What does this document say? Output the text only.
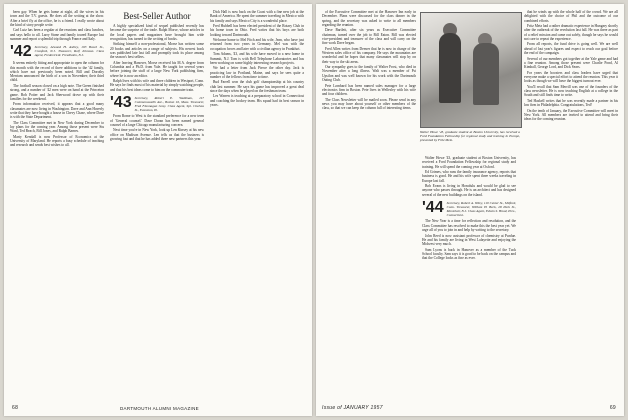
been gay. When he gets home at night, all the wives in his town and the T.V. guests. He does all the writing at the show. After a brief fly at the office, he is a friend. I really wrote about the kind of story people write.

Carl Lutz has been a regular at the reunions and class lunches, and says hello to all. Larry Stone and family toured Europe last summer and report a splendid trip through France and Italy.

'42 Secretary, Atwood H. Ashley, 103 Bosch St., Cranford, N.J. Treasurer, Rolf Johnson. Class Agent, Frederick R. Freedholm, N.J.

It seems entirely fitting and appropriate to open the column for this month with the record of three additions to the '42 family, which have not previously been noted. Bill and Dorothy Merriam announced the birth of a son in November; their third child.

The football season closed on a high note. The Green finished strong, and a number of '42 men were on hand at the Princeton game. Bob Potter and Jack Sherwood drove up with their families for the weekend.

From information received, it appears that a good many classmates are now living in Washington. Dave and Ann Haverly write that they have bought a house in Chevy Chase, where Dave is with the State Department.

The Class Committee met in New York during December to lay plans for the coming year. Among those present were Stu Ward, Ted Beach, Bill Jones, and Ralph Barnes.

Marty Kendall is now Professor of Economics at the University of Maryland. He reports a busy schedule of teaching and research and sends best wishes to all.

Best-Seller Author

A highly specialized kind of sequel published recently has become the surprise of the trade. Ralph Morse, whose articles in the local papers and magazines have brought him wide recognition, has turned to the writing of books.

Striking himself a non-professional, Morse has written some 20 books and articles on a range of subjects. His newest book was published late last fall and promptly took its place among the season's best sellers.

After leaving Hanover, Morse received his M.A. degree from Columbia and a Ph.D. from Yale. He taught for several years before joining the staff of a large New York publishing firm, where he is now an editor.

Ralph lives with his wife and three children in Westport, Conn. He says he finds most of his material by simply watching people, and that his best ideas come to him on the commuter train.

'43 Secretary, Robert E. Waldman, 117 Commonwealth Ave., Boston 16, Mass. Treasurer, Fred Flannagan Gray. Class Agent, Spl. Chelsea St., Evanston, Ill.

From Rome to West is the standard preference for a new term of 'General counsel.' Dave Doran has been named general counsel of a large Chicago manufacturing concern.

Next time you're in New York, look up Len Kinsey at his new office on Madison Avenue. Len tells us that the business is growing fast and that he has added three new partners this year.

Dick Hall is now back on the Coast with a fine new job at the Bank of America. He spent the summer traveling in Mexico with his family and says Mexico City is a wonderful place.

Fred Hubbell has been elected president of the Rotary Club in his home town in Ohio. Fred writes that his boys are both looking toward Dartmouth.

Welcome home to Mel Fitch and his wife, Jean, who have just returned from two years in Germany. Mel was with the occupation forces and later with a civilian agency in Frankfurt.

Tom Adams, '43, and his wife have moved to a new home in Summit, N.J. Tom is with Bell Telephone Laboratories and has been working on some highly interesting research projects.

We had a letter from Jack Pierce the other day. Jack is practicing law in Portland, Maine, and says he sees quite a number of the fellows from time to time.

Bud Farrell won the club golf championship at his country club last summer. He says his game has improved a great deal since the days when he played on the freshman team.

Les Warren is teaching at a preparatory school in Connecticut and coaching the hockey team. His squad had its best season in years.

68	DARTMOUTH ALUMNI MAGAZINE

of the Executive Committee met at the Hanover Inn early in December. Plans were discussed for the class dinner in the spring, and the secretary was asked to write to all members regarding the reunion.

Dave Bartlett, after six years as Executive Committee chairman, turned over the job to Bill Eaton. Bill was elected vice-president and treasurer of the class and will carry on the fine work Dave began.

Fred Allen writes from Denver that he is now in charge of the Western sales office of his company. He says the mountains are wonderful and he hopes that many classmates will stop by on their way to the ski areas.

Our sympathy goes to the family of Walter Frost, who died in November after a long illness. Walt was a member of Psi Upsilon and was well known for his work with the Dartmouth Outing Club.

Pete Lombard has been named sales manager for a large electronics firm in Boston. Pete lives in Wellesley with his wife and four children.

The Class Newsletter will be mailed soon. Please send in any news you may have about yourself or other members of the class, so that we can keep the column full of interesting items.

Walter Howe '43, graduate student at Boston University, has received a Ford Foundation Fellowship for regional study and training in Europe, presented by Fritz Metz.

Walter Howe '43, graduate student at Boston University, has received a Ford Foundation Fellowship for regional study and training. He will spend the coming year at Oxford.

Ed Grimes, who runs the family insurance agency, reports that business is good. He and his wife spent three weeks traveling in Europe last fall.

Bob Evans is living in Honolulu and would be glad to see anyone who passes through. He is an architect and has designed several of the new buildings on the island.

'44 Secretary, Robert A. Wiley, 110 Center St., Milford, Conn. Treasurer, William H. Beck, 28 Park St., Montclair, N.J. Class Agent, Edwin S. Hood, Pres., Connecticut.

The New Year is a time for reflection and resolution, and the Class Committee has resolved to make this the best year yet. We urge all of you to join in and help by writing to the secretary.

John Reed is now assistant professor of chemistry at Purdue. He and his family are living in West Lafayette and enjoying the Midwest very much.

Sam Lyons is back in Hanover as a member of the Tuck School faculty. Sam says it is good to be back on the campus and that the College looks as fine as ever.

that he winds up with the whole half of the crowd. We are all delighted with the choice of Phil and the outcome of our combined efforts.

Fritz Metz had a rather dramatic experience in Hungary shortly after the outbreak of the revolution last fall. He was there as part of a relief mission and came out safely, though he says he would not care to repeat the experience.

From all reports, the fund drive is going well. We are well ahead of last year's figures and expect to reach our goal before the end of the campaign.

Several of our members got together at the Yale game and had a fine reunion. Among those present were Charlie Pond, Al Kimball, George Lord, and Dick Sears.

For years the boosters and class leaders have urged that everyone make a special effort to attend the reunion. This year it looks as though we will have the biggest turnout ever.

You'll recall that Sam Merrill was one of the founders of the class newsletter. He is now teaching English at a college in the South and still finds time to write.

Ted Haskell writes that he was recently made a partner in his law firm in Philadelphia. Congratulations, Ted!

On the tenth of January, the Executive Committee will meet in New York. All members are invited to attend and bring their ideas for the coming reunion.

Issue of JANUARY 1957	69
